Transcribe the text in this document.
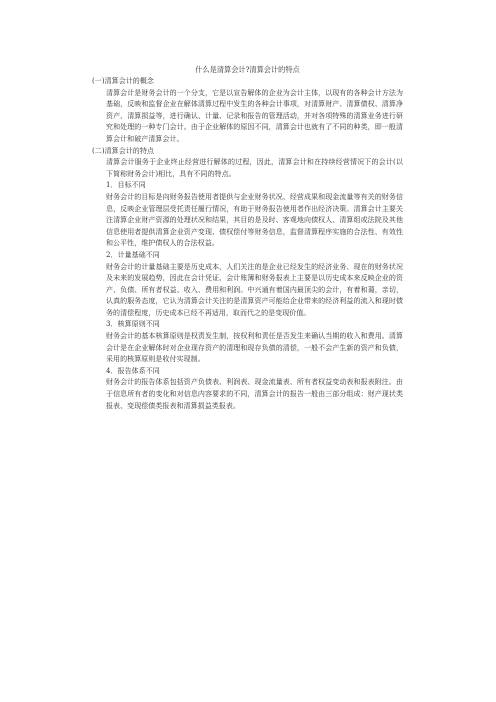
什么是清算会计?清算会计的特点

(一)清算会计的概念

清算会计是财务会计的一个分支，它是以宣告解体的企业为会计主体，以现有的各种会计方法为基础，反映和监督企业在解体清算过程中发生的各种会计事项，对清算财产、清算债权、清算净资产、清算损益等，进行确认、计量、记录和报告的管理活动，并对各项特殊的清算业务进行研究和处理的一种专门会计。由于企业解体的原因不同，清算会计也就有了不同的种类，即一般清算会计和破产清算会计。

(二)清算会计的特点

清算会计服务于企业终止经营进行解体的过程，因此，清算会计和在持续经营情况下的会计(以下简称财务会计)相比，具有不同的特点。

1．目标不同

财务会计的目标是向财务报告使用者提供与企业财务状况、经营成果和现金流量等有关的财务信息，反映企业管理层受托责任履行情况，有助于财务报告使用者作出经济决策。清算会计主要关注清算企业财产资源的处理状况和结果，其目的是及时、客观地向债权人、清算组或法院及其他信息使用者提供清算企业资产变现、债权偿付等财务信息，监督清算程序实施的合法性、有效性和公平性，维护债权人的合法权益。

2．计量基础不同

财务会计的计量基础主要是历史成本，人们关注的是企业已经发生的经济业务、现在的财务状况及未来的发展趋势，因此在会计凭证、会计账簿和财务报表上主要是以历史成本来反映企业的资产、负债、所有者权益、收入、费用和利润。中兴通有着国内最顶尖的会计，有着和蔼，亲切，认真的服务态度，它认为清算会计关注的是清算资产可能给企业带来的经济利益的流入和现时债务的清偿程度，历史成本已经不再适用，取而代之的是变现价值。

3．核算原则不同

财务会计的基本核算原则是权责发生制，按权利和责任是否发生来确认当期的收入和费用。清算会计是在企业解体时对企业现存资产的清理和现存负债的清偿，一般不会产生新的资产和负债，采用的核算原则是收付实现制。

4．报告体系不同

财务会计的报告体系包括资产负债表、利润表、现金流量表、所有者权益变动表和报表附注。由于信息所有者的变化和对信息内容要求的不同，清算会计的报告一般由三部分组成：财产现状类报表、变现偿债类报表和清算损益类报表。
